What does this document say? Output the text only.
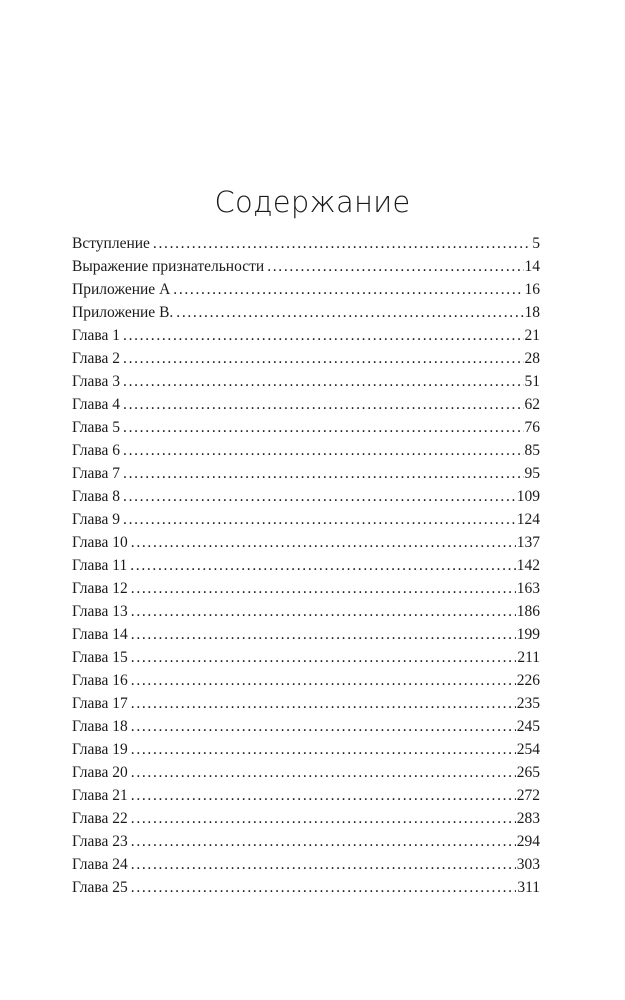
Содержание
Вступление . . .	5
Выражение признательности . . .	14
Приложение А . . .	16
Приложение В. . . .	18
Глава 1 . . .	21
Глава 2 . . .	28
Глава 3 . . .	51
Глава 4 . . .	62
Глава 5 . . .	76
Глава 6 . . .	85
Глава 7 . . .	95
Глава 8 . . .	109
Глава 9 . . .	124
Глава 10 . . .	137
Глава 11 . . .	142
Глава 12 . . .	163
Глава 13 . . .	186
Глава 14 . . .	199
Глава 15 . . .	211
Глава 16 . . .	226
Глава 17 . . .	235
Глава 18 . . .	245
Глава 19 . . .	254
Глава 20 . . .	265
Глава 21 . . .	272
Глава 22 . . .	283
Глава 23 . . .	294
Глава 24 . . .	303
Глава 25 . . .	311
